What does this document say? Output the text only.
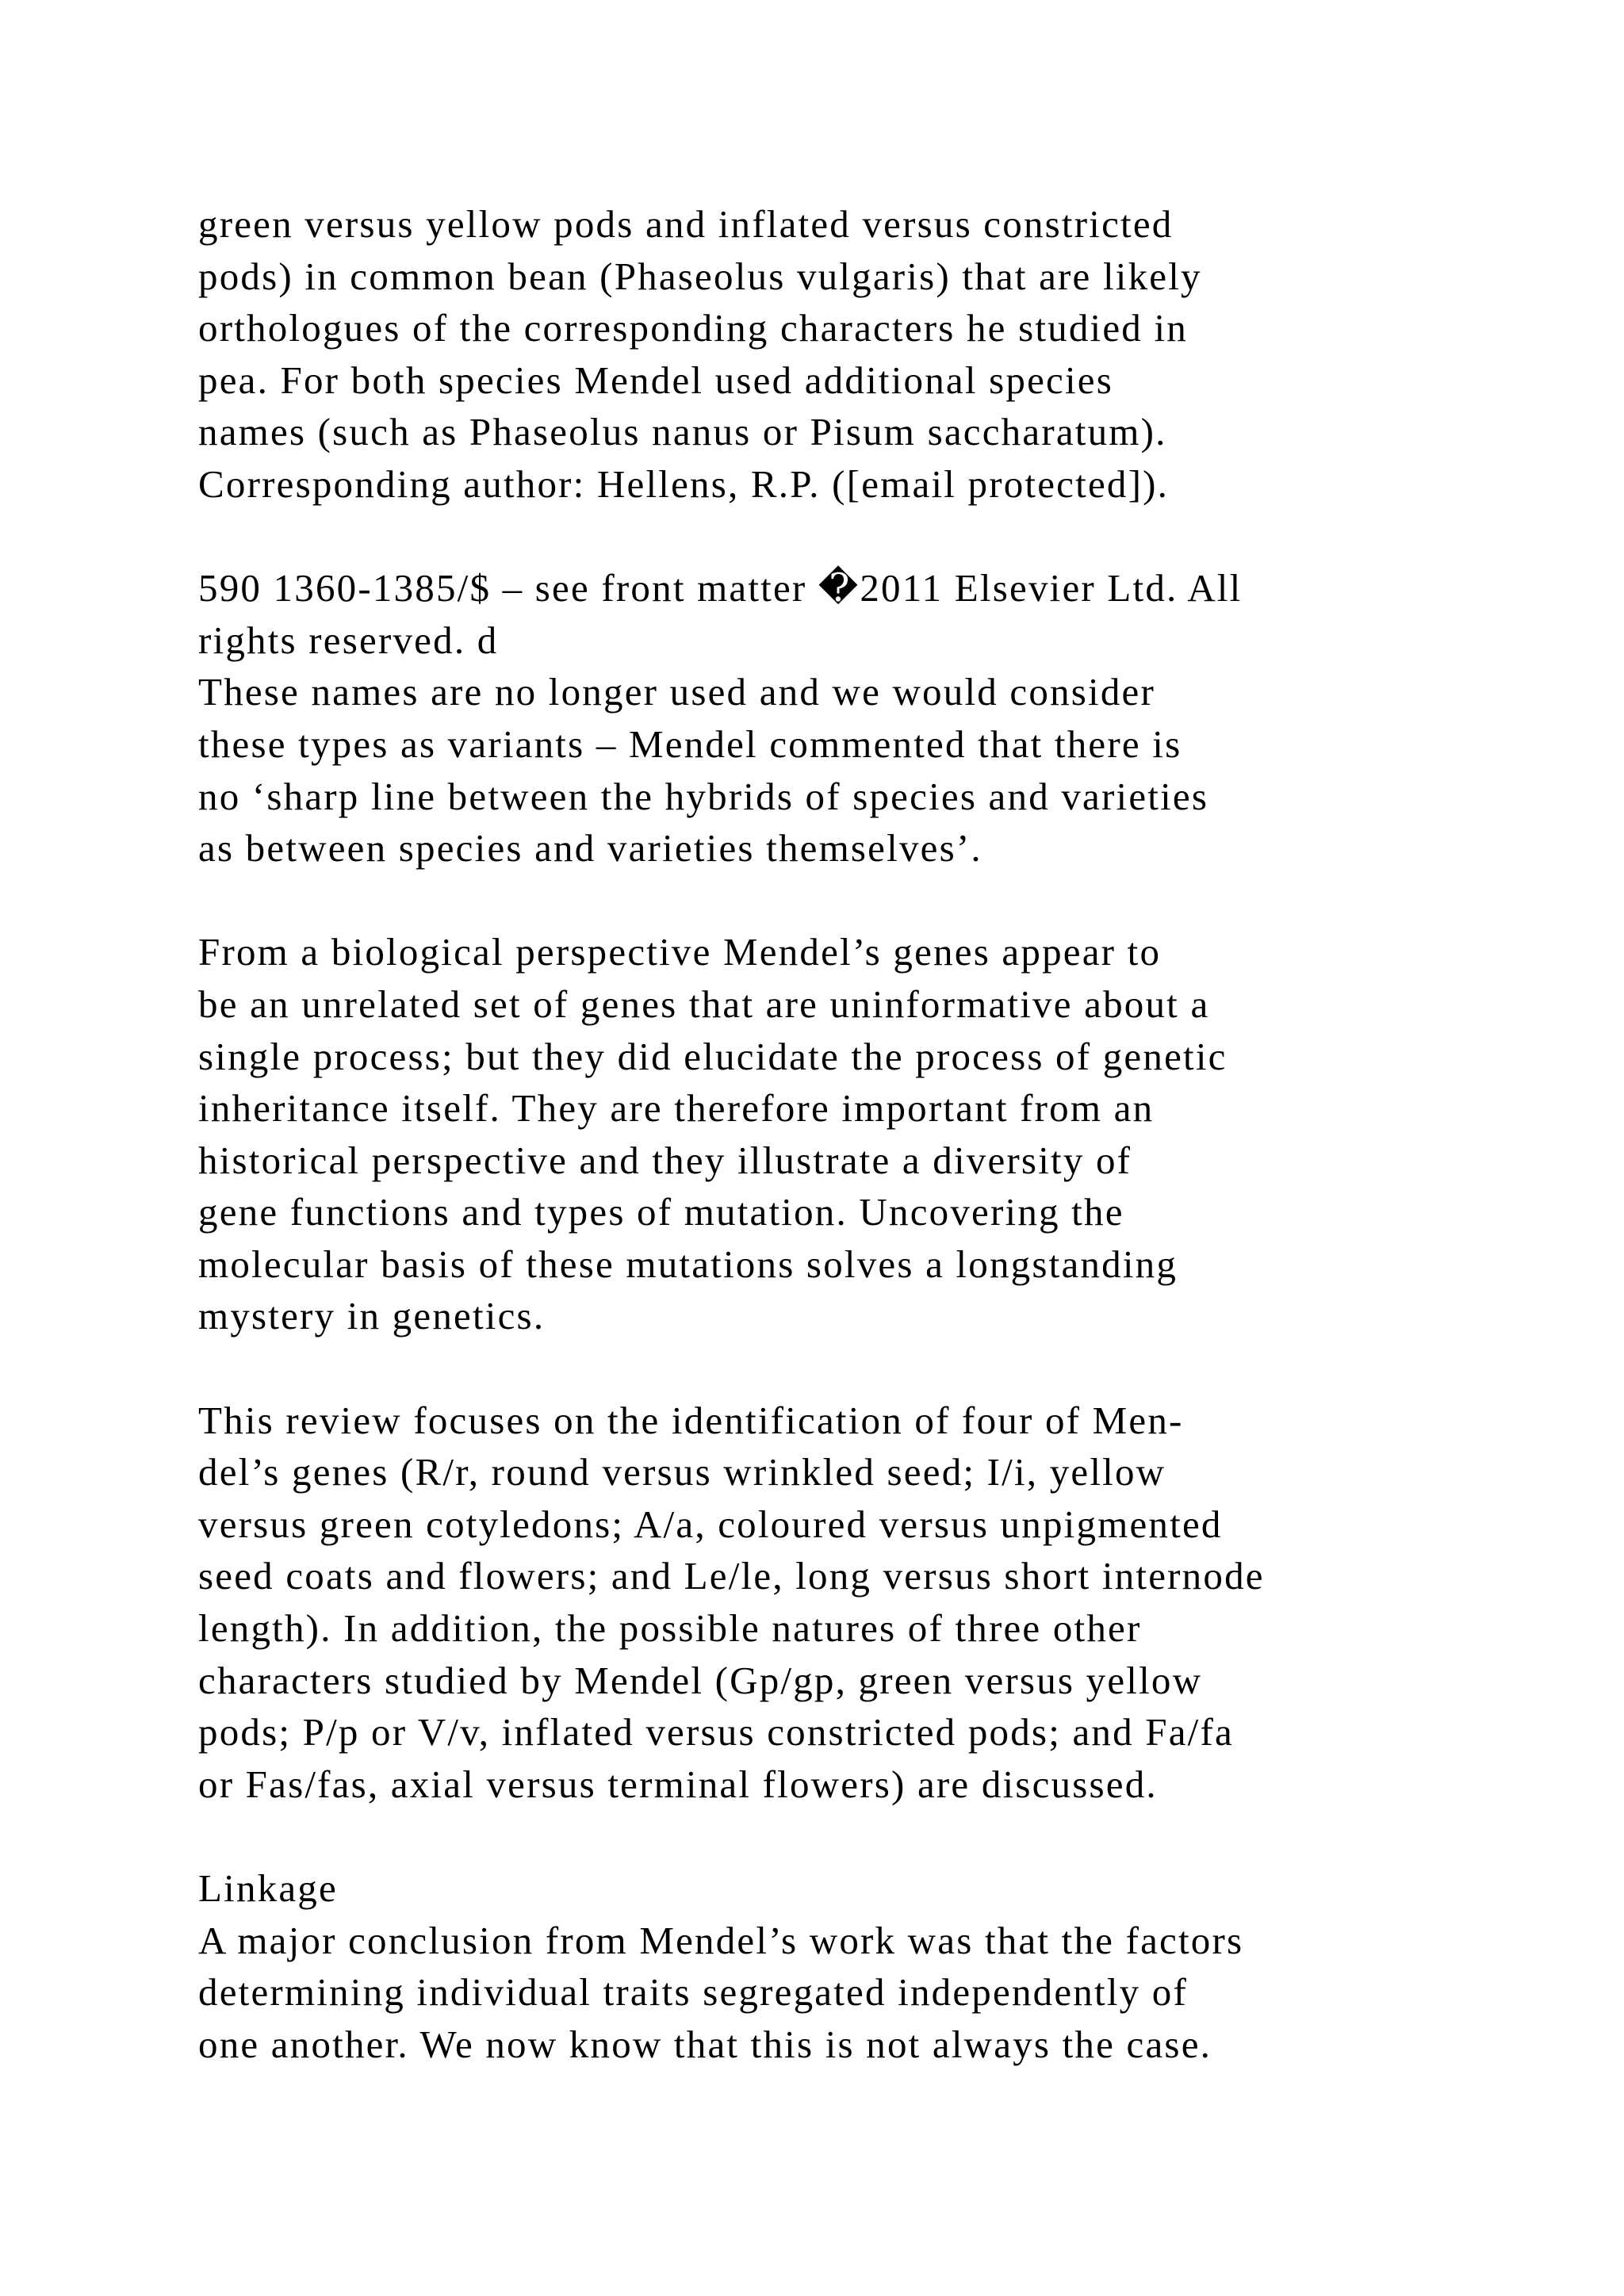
green versus yellow pods and inflated versus constricted
pods) in common bean (Phaseolus vulgaris) that are likely
orthologues of the corresponding characters he studied in
pea. For both species Mendel used additional species
names (such as Phaseolus nanus or Pisum saccharatum).
Corresponding author: Hellens, R.P. ([email protected]).
590 1360-1385/$ – see front matter �2011 Elsevier Ltd. All
rights reserved. d
These names are no longer used and we would consider
these types as variants – Mendel commented that there is
no ‘sharp line between the hybrids of species and varieties
as between species and varieties themselves’.
From a biological perspective Mendel’s genes appear to
be an unrelated set of genes that are uninformative about a
single process; but they did elucidate the process of genetic
inheritance itself. They are therefore important from an
historical perspective and they illustrate a diversity of
gene functions and types of mutation. Uncovering the
molecular basis of these mutations solves a longstanding
mystery in genetics.
This review focuses on the identification of four of Men-
del’s genes (R/r, round versus wrinkled seed; I/i, yellow
versus green cotyledons; A/a, coloured versus unpigmented
seed coats and flowers; and Le/le, long versus short internode
length). In addition, the possible natures of three other
characters studied by Mendel (Gp/gp, green versus yellow
pods; P/p or V/v, inflated versus constricted pods; and Fa/fa
or Fas/fas, axial versus terminal flowers) are discussed.
Linkage
A major conclusion from Mendel’s work was that the factors
determining individual traits segregated independently of
one another. We now know that this is not always the case.
